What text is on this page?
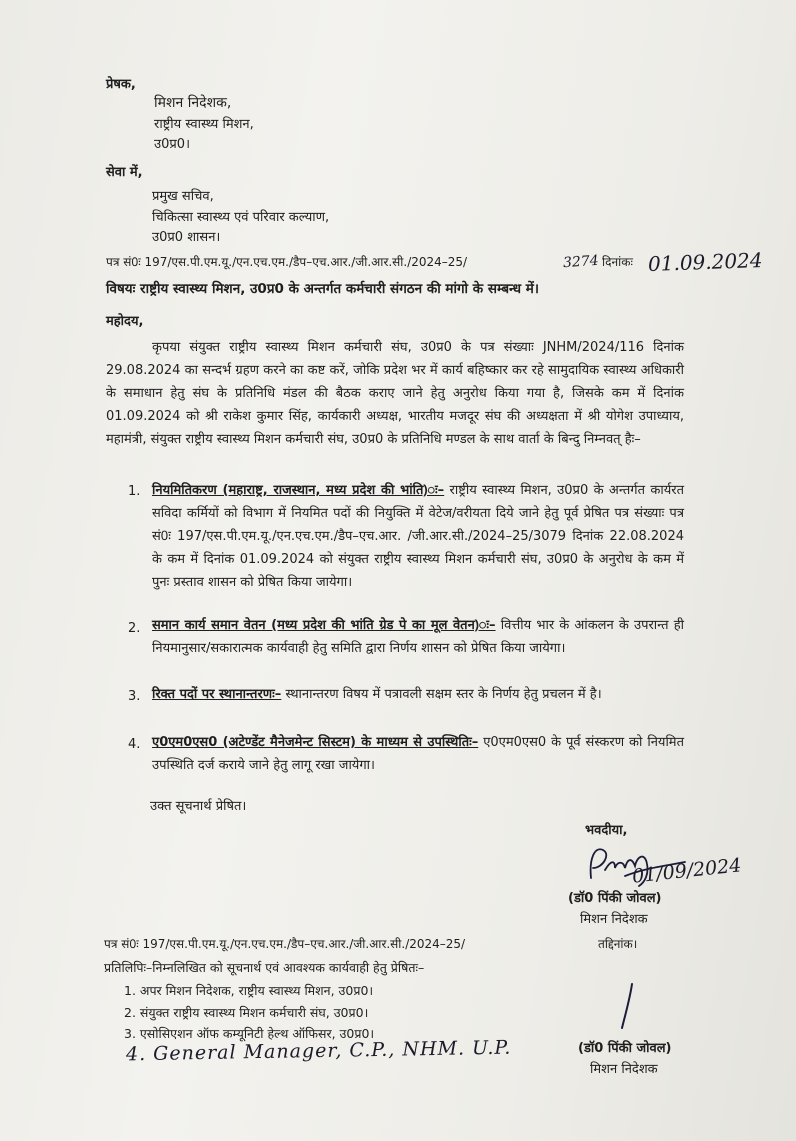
प्रेषक,
मिशन निदेशक,
राष्ट्रीय स्वास्थ्य मिशन,
उ0प्र0।
सेवा में,
प्रमुख सचिव,
चिकित्सा स्वास्थ्य एवं परिवार कल्याण,
उ0प्र0 शासन।
पत्र सं0ः 197/एस.पी.एम.यू./एन.एच.एम./डैप–एच.आर./जी.आर.सी./2024–25/	3274 दिनांकः 01.09.2024
विषयः राष्ट्रीय स्वास्थ्य मिशन, उ0प्र0 के अन्तर्गत कर्मचारी संगठन की मांगो के सम्बन्ध में।
महोदय,
कृपया संयुक्त राष्ट्रीय स्वास्थ्य मिशन कर्मचारी संघ, उ0प्र0 के पत्र संख्याः JNHM/2024/116 दिनांक 29.08.2024 का सन्दर्भ ग्रहण करने का कष्ट करें, जोकि प्रदेश भर में कार्य बहिष्कार कर रहे सामुदायिक स्वास्थ्य अधिकारी के समाधान हेतु संघ के प्रतिनिधि मंडल की बैठक कराए जाने हेतु अनुरोध किया गया है, जिसके कम में दिनांक 01.09.2024 को श्री राकेश कुमार सिंह, कार्यकारी अध्यक्ष, भारतीय मजदूर संघ की अध्यक्षता में श्री योगेश उपाध्याय, महामंत्री, संयुक्त राष्ट्रीय स्वास्थ्य मिशन कर्मचारी संघ, उ0प्र0 के प्रतिनिधि मण्डल के साथ वार्ता के बिन्दु निम्नवत् हैः–
1. नियमितिकरण (महाराष्ट्र, राजस्थान, मध्य प्रदेश की भांति)ः– राष्ट्रीय स्वास्थ्य मिशन, उ0प्र0 के अन्तर्गत कार्यरत सविदा कर्मियों को विभाग में नियमित पदों की नियुक्ति में वेटेज/वरीयता दिये जाने हेतु पूर्व प्रेषित पत्र संख्याः पत्र सं0ः 197/एस.पी.एम.यू./एन.एच.एम./डैप–एच.आर. /जी.आर.सी./2024–25/3079 दिनांक 22.08.2024 के कम में दिनांक 01.09.2024 को संयुक्त राष्ट्रीय स्वास्थ्य मिशन कर्मचारी संघ, उ0प्र0 के अनुरोध के कम में पुनः प्रस्ताव शासन को प्रेषित किया जायेगा।
2. समान कार्य समान वेतन (मध्य प्रदेश की भांति ग्रेड पे का मूल वेतन)ः– वित्तीय भार के आंकलन के उपरान्त ही नियमानुसार/सकारात्मक कार्यवाही हेतु समिति द्वारा निर्णय शासन को प्रेषित किया जायेगा।
3. रिक्त पदों पर स्थानान्तरणः– स्थानान्तरण विषय में पत्रावली सक्षम स्तर के निर्णय हेतु प्रचलन में है।
4. ए0एम0एस0 (अटेण्डेंट मैनेजमेन्ट सिस्टम) के माध्यम से उपस्थितिः– ए0एम0एस0 के पूर्व संस्करण को नियमित उपस्थिति दर्ज कराये जाने हेतु लागू रखा जायेगा।
उक्त सूचनार्थ प्रेषित।
भवदीया,
01/09/2024
(डॉ0 पिंकी जोवल)
मिशन निदेशक
पत्र सं0ः 197/एस.पी.एम.यू./एन.एच.एम./डैप–एच.आर./जी.आर.सी./2024–25/	तद्दिनांक।
प्रतिलिपिः–निम्नलिखित को सूचनार्थ एवं आवश्यक कार्यवाही हेतु प्रेषितः–
1. अपर मिशन निदेशक, राष्ट्रीय स्वास्थ्य मिशन, उ0प्र0।
2. संयुक्त राष्ट्रीय स्वास्थ्य मिशन कर्मचारी संघ, उ0प्र0।
3. एसोसिएशन ऑफ कम्यूनिटी हेल्थ ऑफिसर, उ0प्र0।
4. General Manager, C.P., NHM. U.P.	(डॉ0 पिंकी जोवल)
मिशन निदेशक
